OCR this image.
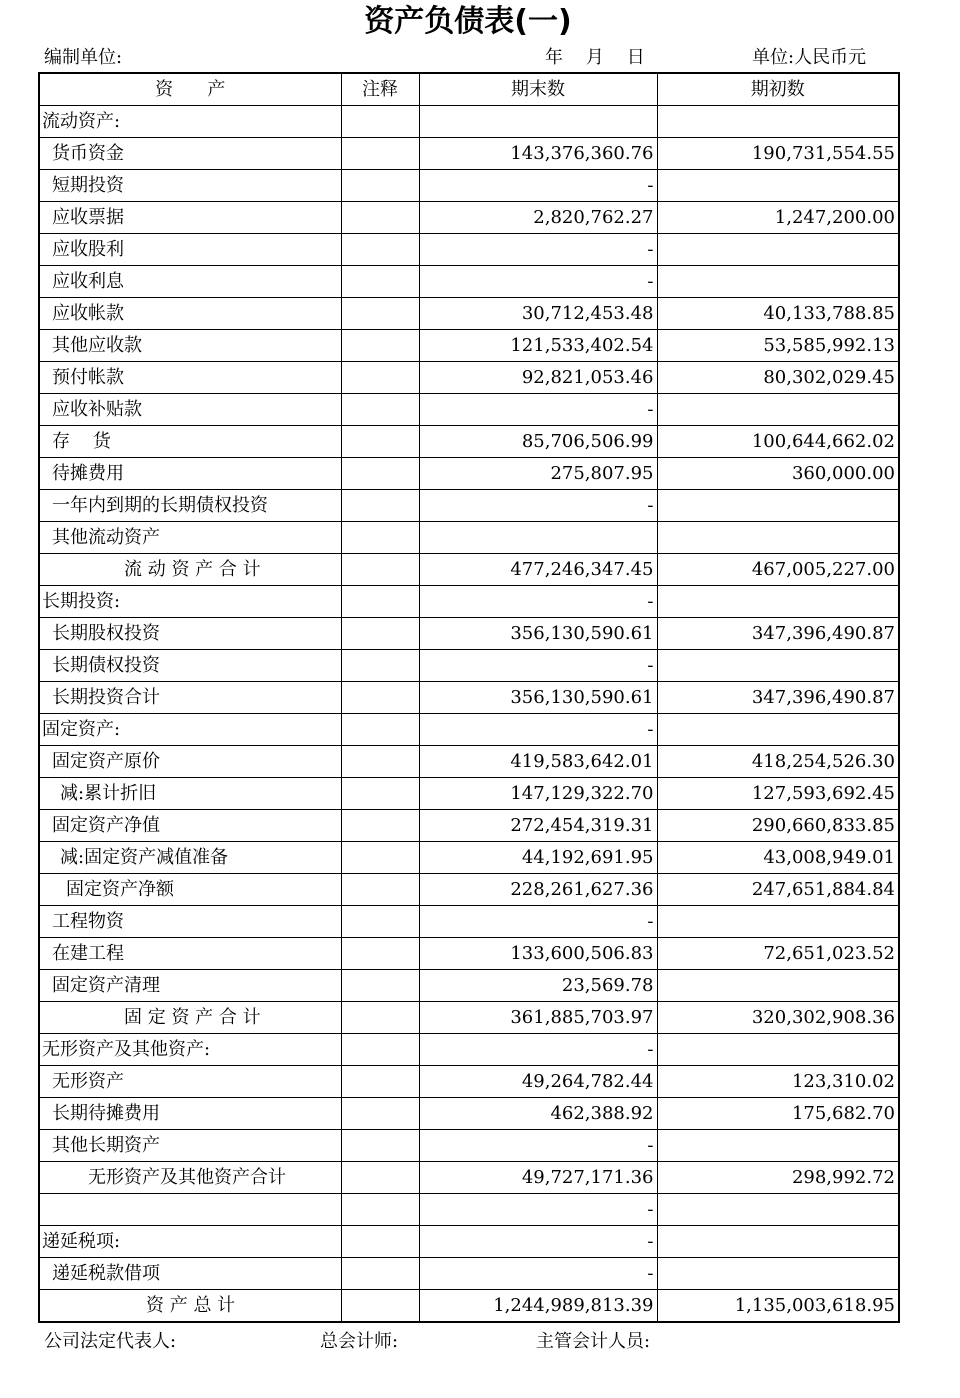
资产负债表(一)
编制单位:	年    月    日	单位:人民币元
资      产	注释	期末数	期初数
流动资产:			
货币资金		143,376,360.76	190,731,554.55
短期投资		-	
应收票据		2,820,762.27	1,247,200.00
应收股利		-	
应收利息		-	
应收帐款		30,712,453.48	40,133,788.85
其他应收款		121,533,402.54	53,585,992.13
预付帐款		92,821,053.46	80,302,029.45
应收补贴款		-	
存    货		85,706,506.99	100,644,662.02
待摊费用		275,807.95	360,000.00
一年内到期的长期债权投资		-	
其他流动资产			
流 动 资 产 合 计		477,246,347.45	467,005,227.00
长期投资:		-	
长期股权投资		356,130,590.61	347,396,490.87
长期债权投资		-	
长期投资合计		356,130,590.61	347,396,490.87
固定资产:		-	
固定资产原价		419,583,642.01	418,254,526.30
减:累计折旧		147,129,322.70	127,593,692.45
固定资产净值		272,454,319.31	290,660,833.85
减:固定资产减值准备		44,192,691.95	43,008,949.01
固定资产净额		228,261,627.36	247,651,884.84
工程物资		-	
在建工程		133,600,506.83	72,651,023.52
固定资产清理		23,569.78	
固 定 资 产 合 计		361,885,703.97	320,302,908.36
无形资产及其他资产:		-	
无形资产		49,264,782.44	123,310.02
长期待摊费用		462,388.92	175,682.70
其他长期资产		-	
无形资产及其他资产合计		49,727,171.36	298,992.72
		-	
递延税项:		-	
递延税款借项		-	
资 产 总 计		1,244,989,813.39	1,135,003,618.95
公司法定代表人:	总会计师:	主管会计人员:
